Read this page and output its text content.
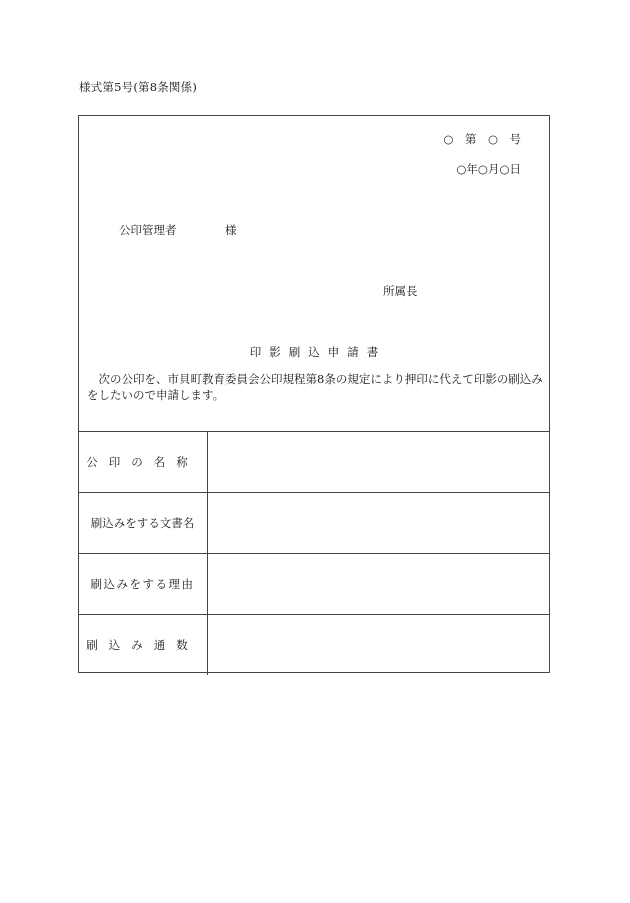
様式第5号(第8条関係)
○　第　○　号
○年○月○日
公印管理者	様
所属長
印影刷込申請書
次の公印を、市貝町教育委員会公印規程第8条の規定により押印に代えて印影の刷込みをしたいので申請します。
公印の名称	
刷込みをする文書名	
刷込みをする理由	
刷込み通数	
